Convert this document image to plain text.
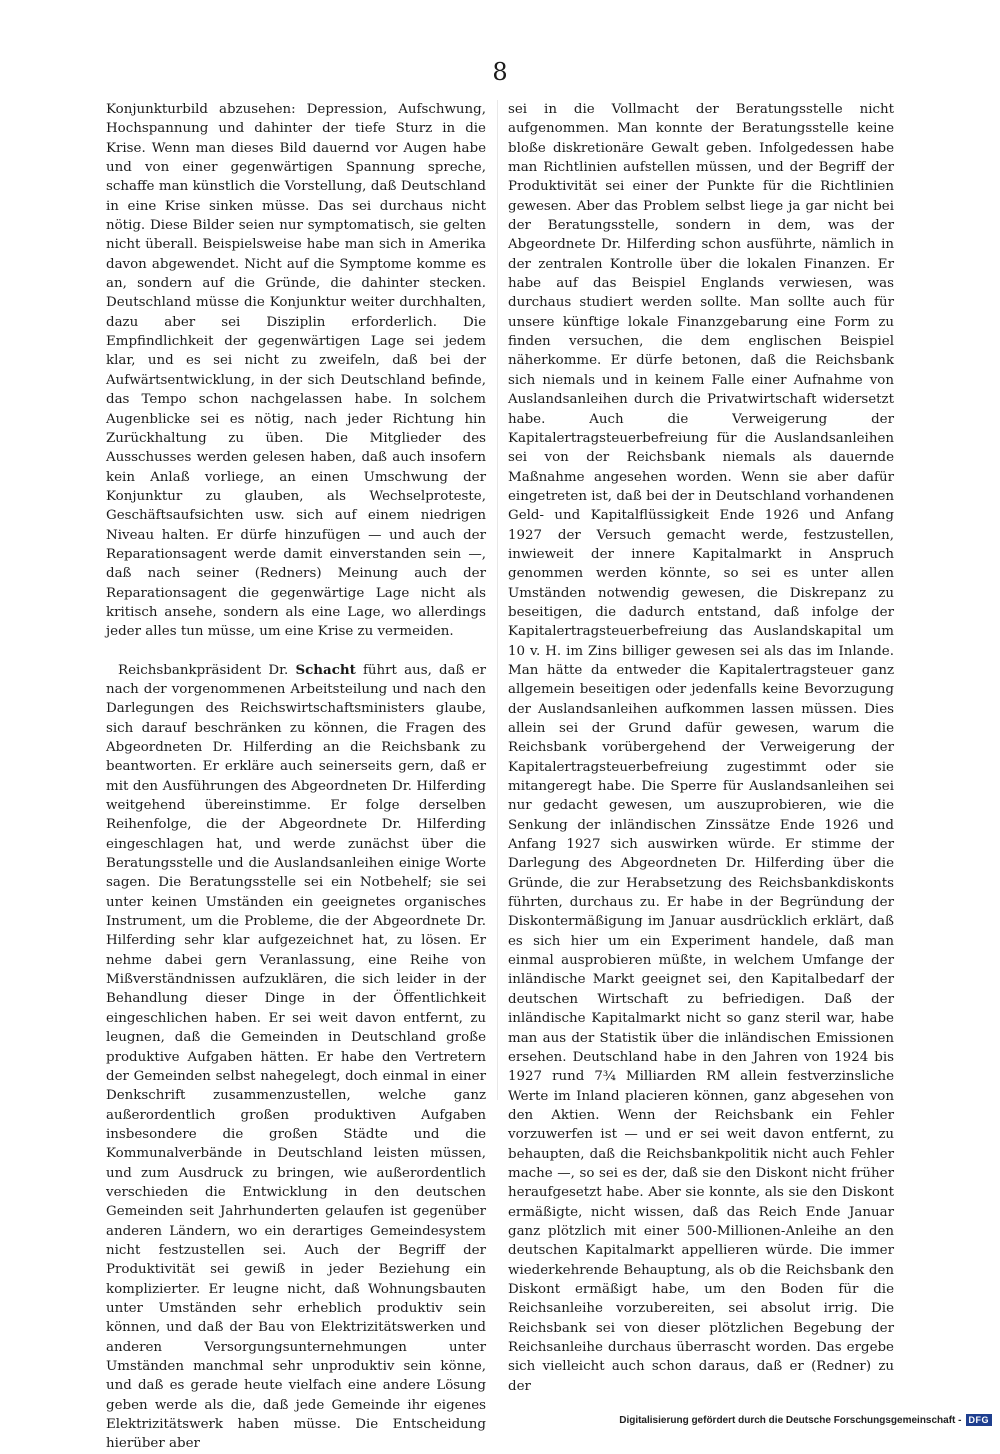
8

Konjunkturbild abzusehen: Depression, Aufschwung, Hochspannung und dahinter der tiefe Sturz in die Krise. Wenn man dieses Bild dauernd vor Augen habe und von einer gegenwärtigen Spannung spreche, schaffe man künstlich die Vorstellung, daß Deutschland in eine Krise sinken müsse. Das sei durchaus nicht nötig. Diese Bilder seien nur symptomatisch, sie gelten nicht überall. Beispielsweise habe man sich in Amerika davon abgewendet. Nicht auf die Symptome komme es an, sondern auf die Gründe, die dahinter stecken. Deutschland müsse die Konjunktur weiter durchhalten, dazu aber sei Disziplin erforderlich. Die Empfindlichkeit der gegenwärtigen Lage sei jedem klar, und es sei nicht zu zweifeln, daß bei der Aufwärtsentwicklung, in der sich Deutschland befinde, das Tempo schon nachgelassen habe. In solchem Augenblicke sei es nötig, nach jeder Richtung hin Zurückhaltung zu üben. Die Mitglieder des Ausschusses werden gelesen haben, daß auch insofern kein Anlaß vorliege, an einen Umschwung der Konjunktur zu glauben, als Wechselproteste, Geschäftsaufsichten usw. sich auf einem niedrigen Niveau halten. Er dürfe hinzufügen — und auch der Reparationsagent werde damit einverstanden sein —, daß nach seiner (Redners) Meinung auch der Reparationsagent die gegenwärtige Lage nicht als kritisch ansehe, sondern als eine Lage, wo allerdings jeder alles tun müsse, um eine Krise zu vermeiden.

Reichsbankpräsident Dr. Schacht führt aus, daß er nach der vorgenommenen Arbeitsteilung und nach den Darlegungen des Reichswirtschaftsministers glaube, sich darauf beschränken zu können, die Fragen des Abgeordneten Dr. Hilferding an die Reichsbank zu beantworten. Er erkläre auch seinerseits gern, daß er mit den Ausführungen des Abgeordneten Dr. Hilferding weitgehend übereinstimme. Er folge derselben Reihenfolge, die der Abgeordnete Dr. Hilferding eingeschlagen hat, und werde zunächst über die Beratungsstelle und die Auslandsanleihen einige Worte sagen. Die Beratungsstelle sei ein Notbehelf; sie sei unter keinen Umständen ein geeignetes organisches Instrument, um die Probleme, die der Abgeordnete Dr. Hilferding sehr klar aufgezeichnet hat, zu lösen. Er nehme dabei gern Veranlassung, eine Reihe von Mißverständnissen aufzuklären, die sich leider in der Behandlung dieser Dinge in der Öffentlichkeit eingeschlichen haben. Er sei weit davon entfernt, zu leugnen, daß die Gemeinden in Deutschland große produktive Aufgaben hätten. Er habe den Vertretern der Gemeinden selbst nahegelegt, doch einmal in einer Denkschrift zusammenzustellen, welche ganz außerordentlich großen produktiven Aufgaben insbesondere die großen Städte und die Kommunalverbände in Deutschland leisten müssen, und zum Ausdruck zu bringen, wie außerordentlich verschieden die Entwicklung in den deutschen Gemeinden seit Jahrhunderten gelaufen ist gegenüber anderen Ländern, wo ein derartiges Gemeindesystem nicht festzustellen sei. Auch der Begriff der Produktivität sei gewiß in jeder Beziehung ein komplizierter. Er leugne nicht, daß Wohnungsbauten unter Umständen sehr erheblich produktiv sein können, und daß der Bau von Elektrizitätswerken und anderen Versorgungsunternehmungen unter Umständen manchmal sehr unproduktiv sein könne, und daß es gerade heute vielfach eine andere Lösung geben werde als die, daß jede Gemeinde ihr eigenes Elektrizitätswerk haben müsse. Die Entscheidung hierüber aber

sei in die Vollmacht der Beratungsstelle nicht aufgenommen. Man konnte der Beratungsstelle keine bloße diskretionäre Gewalt geben. Infolgedessen habe man Richtlinien aufstellen müssen, und der Begriff der Produktivität sei einer der Punkte für die Richtlinien gewesen. Aber das Problem selbst liege ja gar nicht bei der Beratungsstelle, sondern in dem, was der Abgeordnete Dr. Hilferding schon ausführte, nämlich in der zentralen Kontrolle über die lokalen Finanzen. Er habe auf das Beispiel Englands verwiesen, was durchaus studiert werden sollte. Man sollte auch für unsere künftige lokale Finanzgebarung eine Form zu finden versuchen, die dem englischen Beispiel näherkomme. Er dürfe betonen, daß die Reichsbank sich niemals und in keinem Falle einer Aufnahme von Auslandsanleihen durch die Privatwirtschaft widersetzt habe. Auch die Verweigerung der Kapitalertragsteuerbefreiung für die Auslandsanleihen sei von der Reichsbank niemals als dauernde Maßnahme angesehen worden. Wenn sie aber dafür eingetreten ist, daß bei der in Deutschland vorhandenen Geld- und Kapitalflüssigkeit Ende 1926 und Anfang 1927 der Versuch gemacht werde, festzustellen, inwieweit der innere Kapitalmarkt in Anspruch genommen werden könnte, so sei es unter allen Umständen notwendig gewesen, die Diskrepanz zu beseitigen, die dadurch entstand, daß infolge der Kapitalertragsteuerbefreiung das Auslandskapital um 10 v. H. im Zins billiger gewesen sei als das im Inlande. Man hätte da entweder die Kapitalertragsteuer ganz allgemein beseitigen oder jedenfalls keine Bevorzugung der Auslandsanleihen aufkommen lassen müssen. Dies allein sei der Grund dafür gewesen, warum die Reichsbank vorübergehend der Verweigerung der Kapitalertragsteuerbefreiung zugestimmt oder sie mitangeregt habe. Die Sperre für Auslandsanleihen sei nur gedacht gewesen, um auszuprobieren, wie die Senkung der inländischen Zinssätze Ende 1926 und Anfang 1927 sich auswirken würde. Er stimme der Darlegung des Abgeordneten Dr. Hilferding über die Gründe, die zur Herabsetzung des Reichsbankdiskonts führten, durchaus zu. Er habe in der Begründung der Diskontermäßigung im Januar ausdrücklich erklärt, daß es sich hier um ein Experiment handele, daß man einmal ausprobieren müßte, in welchem Umfange der inländische Markt geeignet sei, den Kapitalbedarf der deutschen Wirtschaft zu befriedigen. Daß der inländische Kapitalmarkt nicht so ganz steril war, habe man aus der Statistik über die inländischen Emissionen ersehen. Deutschland habe in den Jahren von 1924 bis 1927 rund 7¾ Milliarden RM allein festverzinsliche Werte im Inland placieren können, ganz abgesehen von den Aktien. Wenn der Reichsbank ein Fehler vorzuwerfen ist — und er sei weit davon entfernt, zu behaupten, daß die Reichsbankpolitik nicht auch Fehler mache —, so sei es der, daß sie den Diskont nicht früher heraufgesetzt habe. Aber sie konnte, als sie den Diskont ermäßigte, nicht wissen, daß das Reich Ende Januar ganz plötzlich mit einer 500-Millionen-Anleihe an den deutschen Kapitalmarkt appellieren würde. Die immer wiederkehrende Behauptung, als ob die Reichsbank den Diskont ermäßigt habe, um den Boden für die Reichsanleihe vorzubereiten, sei absolut irrig. Die Reichsbank sei von dieser plötzlichen Begebung der Reichsanleihe durchaus überrascht worden. Das ergebe sich vielleicht auch schon daraus, daß er (Redner) zu der

Digitalisierung gefördert durch die Deutsche Forschungsgemeinschaft - DFG
